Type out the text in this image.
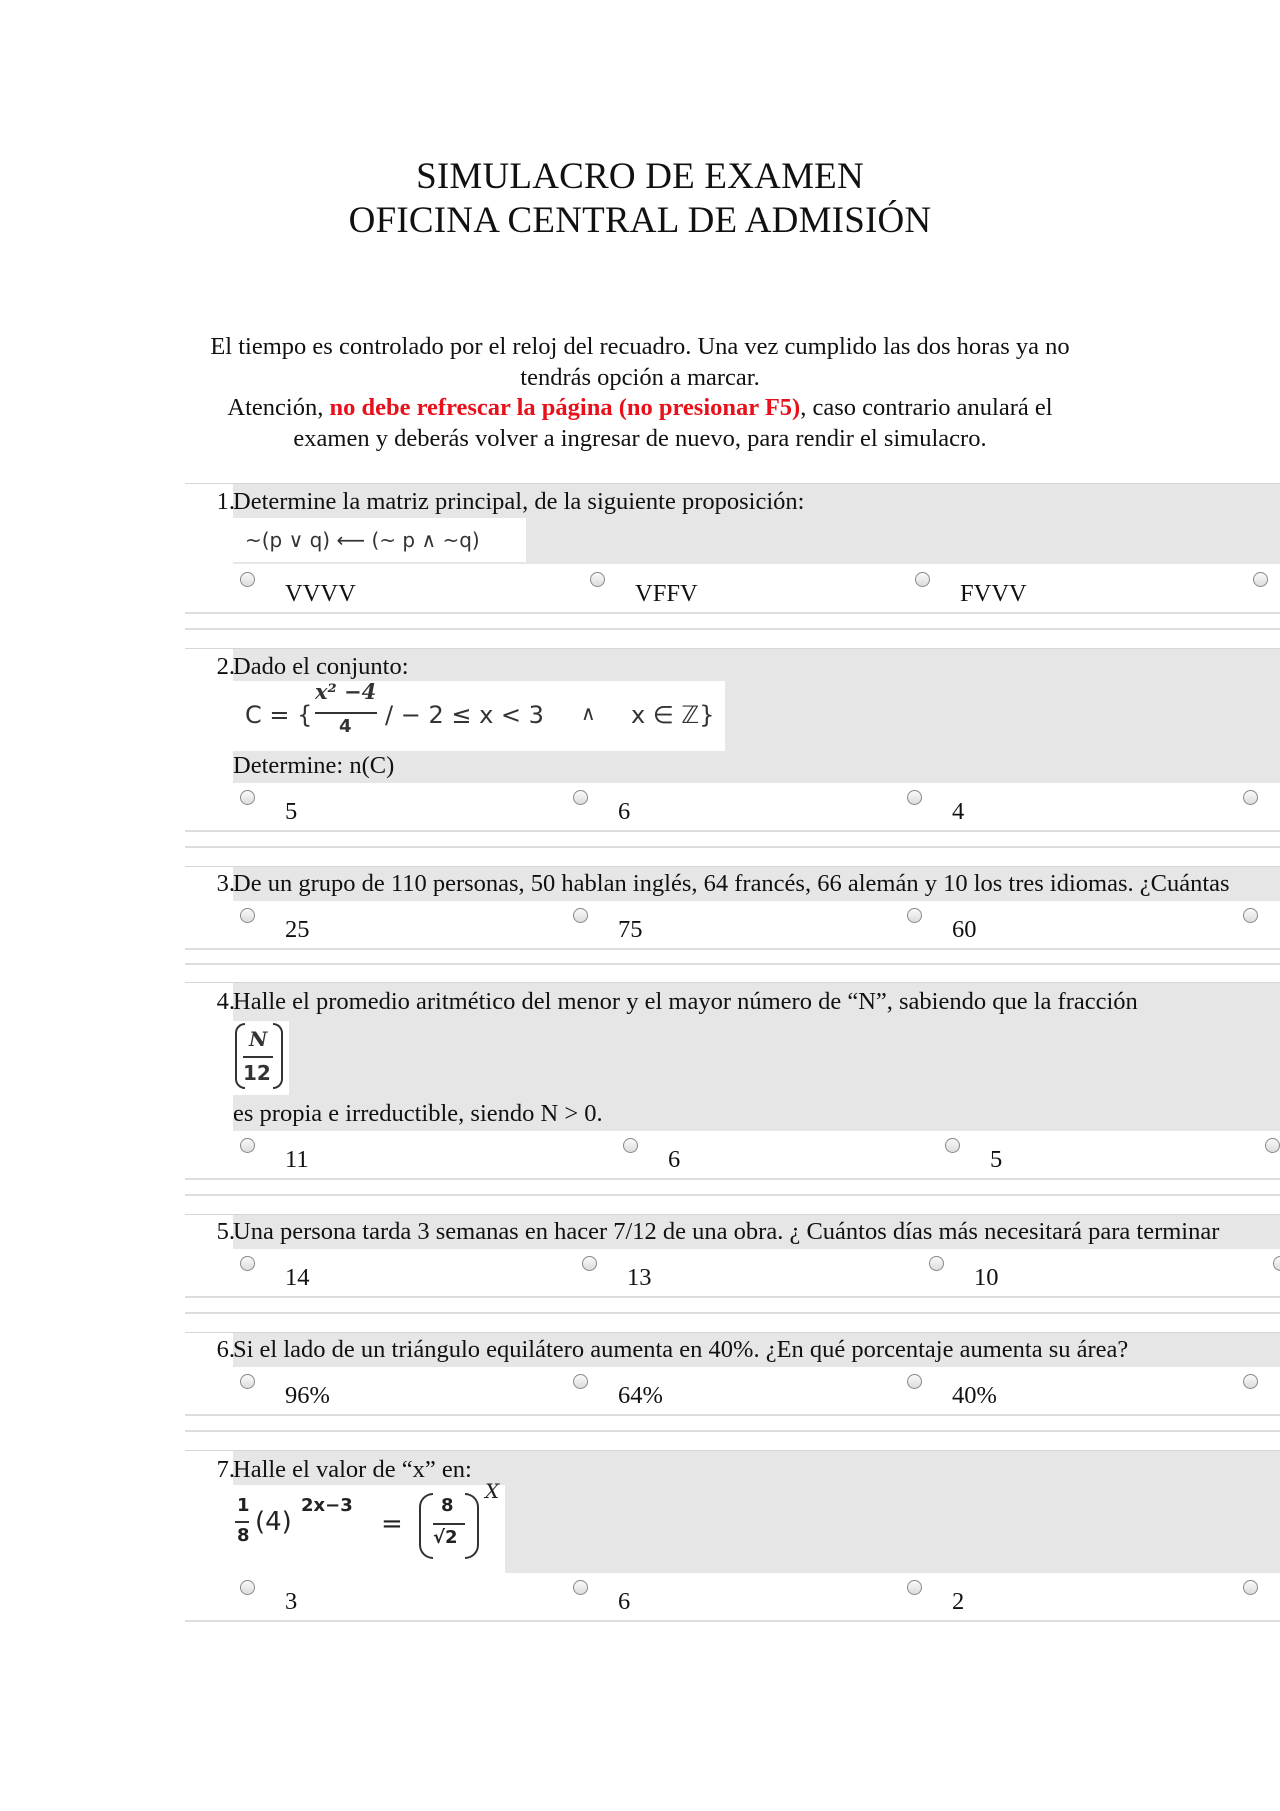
SIMULACRO DE EXAMEN
OFICINA CENTRAL DE ADMISIÓN
El tiempo es controlado por el reloj del recuadro. Una vez cumplido las dos horas ya no
tendrás opción a marcar.
Atención, no debe refrescar la página (no presionar F5), caso contrario anulará el
examen y deberás volver a ingresar de nuevo, para rendir el simulacro.
1.
Determine la matriz principal, de la siguiente proposición:
~(p ∨ q) ⟵ (~ p ∧ ~q)
VVVV	VFFV	FVVV
2.
Dado el conjunto:
C = {
x² −4
4 / − 2 ≤ x < 3 ∧ x ∈ ℤ}
Determine: n(C)
5	6	4
3.
De un grupo de 110 personas, 50 hablan inglés, 64 francés, 66 alemán y 10 los tres idiomas. ¿Cuántas
25	75	60
4.
Halle el promedio aritmético del menor y el mayor número de “N”, sabiendo que la fracción
N
12
es propia e irreductible, siendo N > 0.
11	6	5
5.
Una persona tarda 3 semanas en hacer 7/12 de una obra. ¿ Cuántos días más necesitará para terminar
14	13	10
6.
Si el lado de un triángulo equilátero aumenta en 40%. ¿En qué porcentaje aumenta su área?
96%	64%	40%
7.
Halle el valor de “x” en:
1
8 (4)
2x−3
=
8
√2
X
3	6	2
